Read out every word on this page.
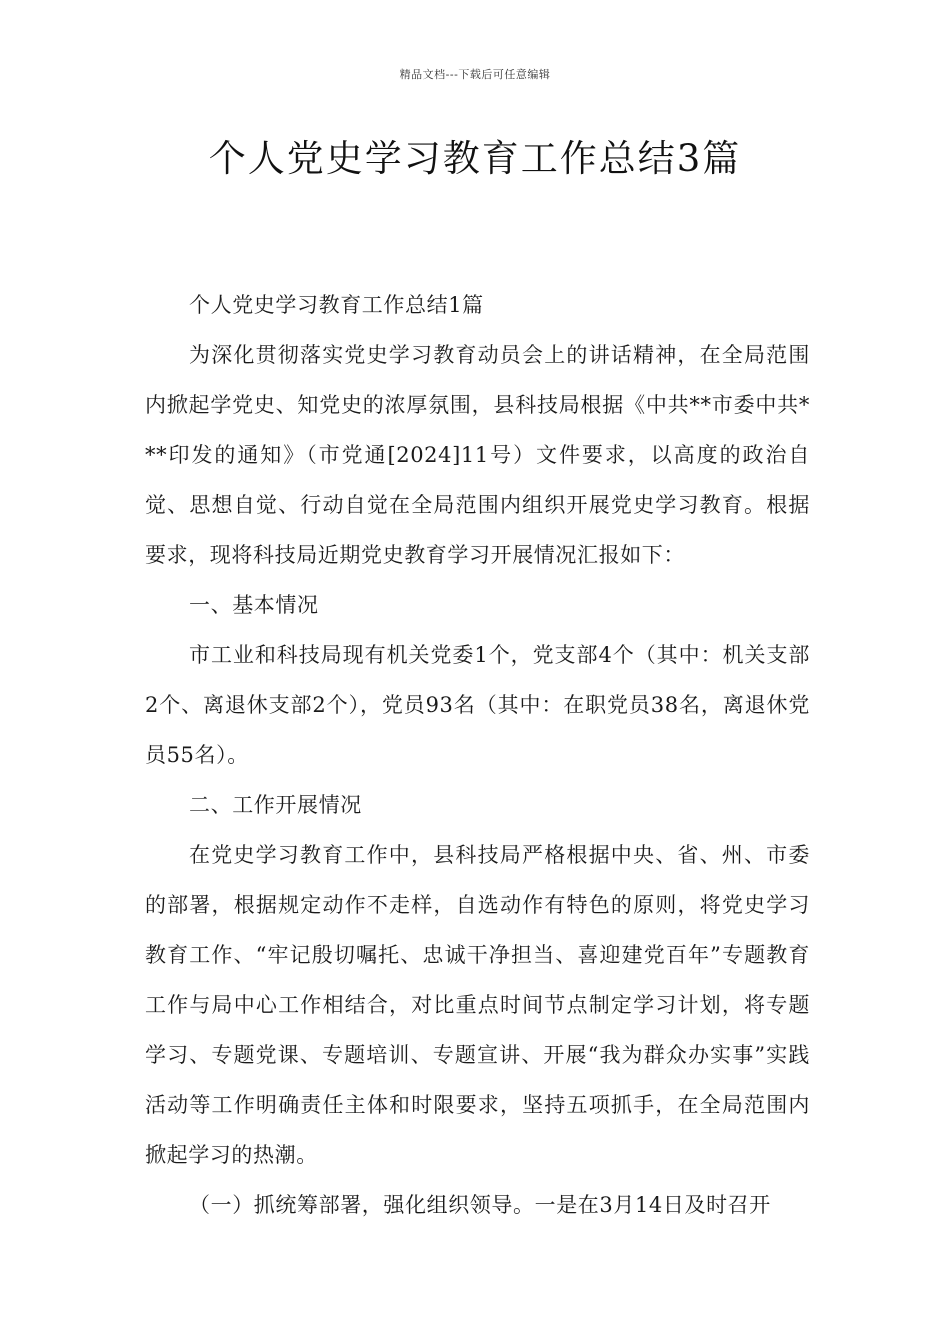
精品文档---下载后可任意编辑
个人党史学习教育工作总结3篇

个人党史学习教育工作总结1篇

为深化贯彻落实党史学习教育动员会上的讲话精神，在全局范围内掀起学党史、知党史的浓厚氛围，县科技局根据《中共**市委中共***印发的通知》（市党通[2024]11号）文件要求，以高度的政治自觉、思想自觉、行动自觉在全局范围内组织开展党史学习教育。根据要求，现将科技局近期党史教育学习开展情况汇报如下：

一、基本情况

市工业和科技局现有机关党委1个，党支部4个（其中：机关支部2个、离退休支部2个），党员93名（其中：在职党员38名，离退休党员55名）。

二、工作开展情况

在党史学习教育工作中，县科技局严格根据中央、省、州、市委的部署，根据规定动作不走样，自选动作有特色的原则，将党史学习教育工作、“牢记殷切嘱托、忠诚干净担当、喜迎建党百年”专题教育工作与局中心工作相结合，对比重点时间节点制定学习计划，将专题学习、专题党课、专题培训、专题宣讲、开展“我为群众办实事”实践活动等工作明确责任主体和时限要求，坚持五项抓手，在全局范围内掀起学习的热潮。

（一）抓统筹部署，强化组织领导。一是在3月14日及时召开
